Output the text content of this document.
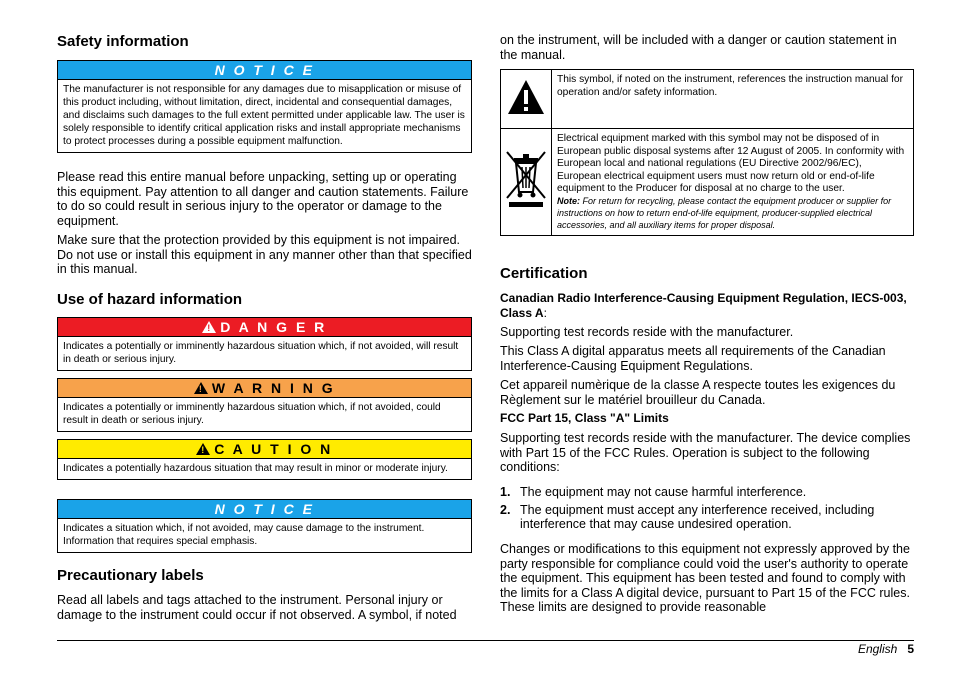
Safety information
N O T I C E
The manufacturer is not responsible for any damages due to misapplication or misuse of this product including, without limitation, direct, incidental and consequential damages, and disclaims such damages to the full extent permitted under applicable law. The user is solely responsible to identify critical application risks and install appropriate mechanisms to protect processes during a possible equipment malfunction.

Please read this entire manual before unpacking, setting up or operating this equipment. Pay attention to all danger and caution statements. Failure to do so could result in serious injury to the operator or damage to the equipment.

Make sure that the protection provided by this equipment is not impaired. Do not use or install this equipment in any manner other than that specified in this manual.

Use of hazard information
! D A N G E R
Indicates a potentially or imminently hazardous situation which, if not avoided, will result in death or serious injury.
! W A R N I N G
Indicates a potentially or imminently hazardous situation which, if not avoided, could result in death or serious injury.
! C A U T I O N
Indicates a potentially hazardous situation that may result in minor or moderate injury.
N O T I C E
Indicates a situation which, if not avoided, may cause damage to the instrument. Information that requires special emphasis.
Precautionary labels

Read all labels and tags attached to the instrument. Personal injury or damage to the instrument could occur if not observed. A symbol, if noted

on the instrument, will be included with a danger or caution statement in the manual.

	This symbol, if noted on the instrument, references the instruction manual for operation and/or safety information.

Electrical equipment marked with this symbol may not be disposed of in European public disposal systems after 12 August of 2005. In conformity with European local and national regulations (EU Directive 2002/96/EC), European electrical equipment users must now return old or end-of-life equipment to the Producer for disposal at no charge to the user.
Note: For return for recycling, please contact the equipment producer or supplier for instructions on how to return end-of-life equipment, producer-supplied electrical accessories, and all auxiliary items for proper disposal.
Certification

Canadian Radio Interference-Causing Equipment Regulation, IECS-003, Class A:

Supporting test records reside with the manufacturer.

This Class A digital apparatus meets all requirements of the Canadian Interference-Causing Equipment Regulations.

Cet appareil numèrique de la classe A respecte toutes les exigences du Règlement sur le matériel brouilleur du Canada.

FCC Part 15, Class "A" Limits

Supporting test records reside with the manufacturer. The device complies with Part 15 of the FCC Rules. Operation is subject to the following conditions:

1. The equipment may not cause harmful interference.
2. The equipment must accept any interference received, including interference that may cause undesired operation.

Changes or modifications to this equipment not expressly approved by the party responsible for compliance could void the user's authority to operate the equipment. This equipment has been tested and found to comply with the limits for a Class A digital device, pursuant to Part 15 of the FCC rules. These limits are designed to provide reasonable

English 5
